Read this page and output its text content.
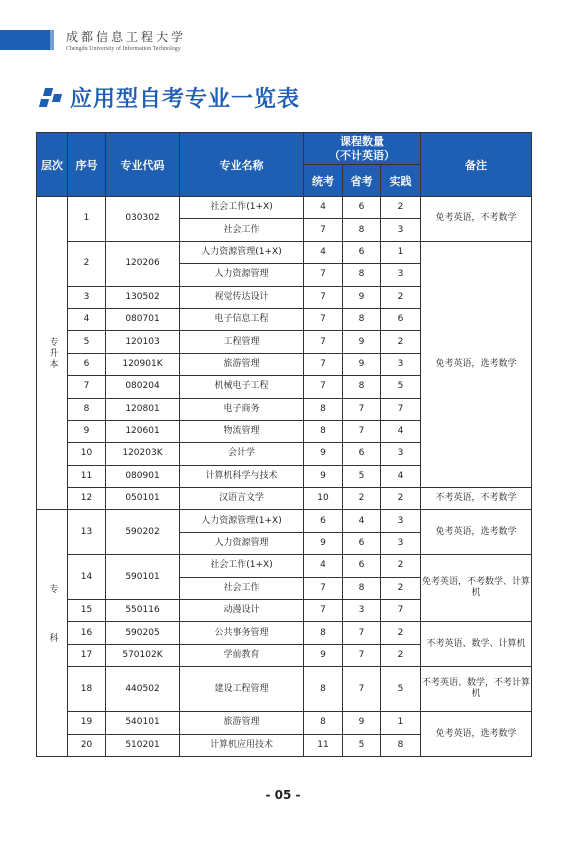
成都信息工程大学
Chengdu University of Information Technology
应用型自考专业一览表
层次	序号	专业代码	专业名称	课程数量
（不计英语）			备注
				统考	省考	实践	
专升本	1	030302	社会工作(1+X)	4	6	2	免考英语，不考数学
			社会工作	7	8	3	
	2	120206	人力资源管理(1+X)	4	6	1	免考英语，选考数学
			人力资源管理	7	8	3	
	3	130502	视觉传达设计	7	9	2	
	4	080701	电子信息工程	7	8	6	
	5	120103	工程管理	7	9	2	
	6	120901K	旅游管理	7	9	3	
	7	080204	机械电子工程	7	8	5	
	8	120801	电子商务	8	7	7	
	9	120601	物流管理	8	7	4	
	10	120203K	会计学	9	6	3	
	11	080901	计算机科学与技术	9	5	4	
	12	050101	汉语言文学	10	2	2	不考英语，不考数学
专科	13	590202	人力资源管理(1+X)	6	4	3	免考英语，选考数学
			人力资源管理	9	6	3	
	14	590101	社会工作(1+X)	4	6	2	免考英语，不考数学、计算机
			社会工作	7	8	2	
	15	550116	动漫设计	7	3	7	
	16	590205	公共事务管理	8	7	2	不考英语、数学、计算机
	17	570102K	学前教育	9	7	2	
	18	440502	建设工程管理	8	7	5	不考英语、数学，不考计算机
	19	540101	旅游管理	8	9	1	免考英语，选考数学
	20	510201	计算机应用技术	11	5	8	
- 05 -
